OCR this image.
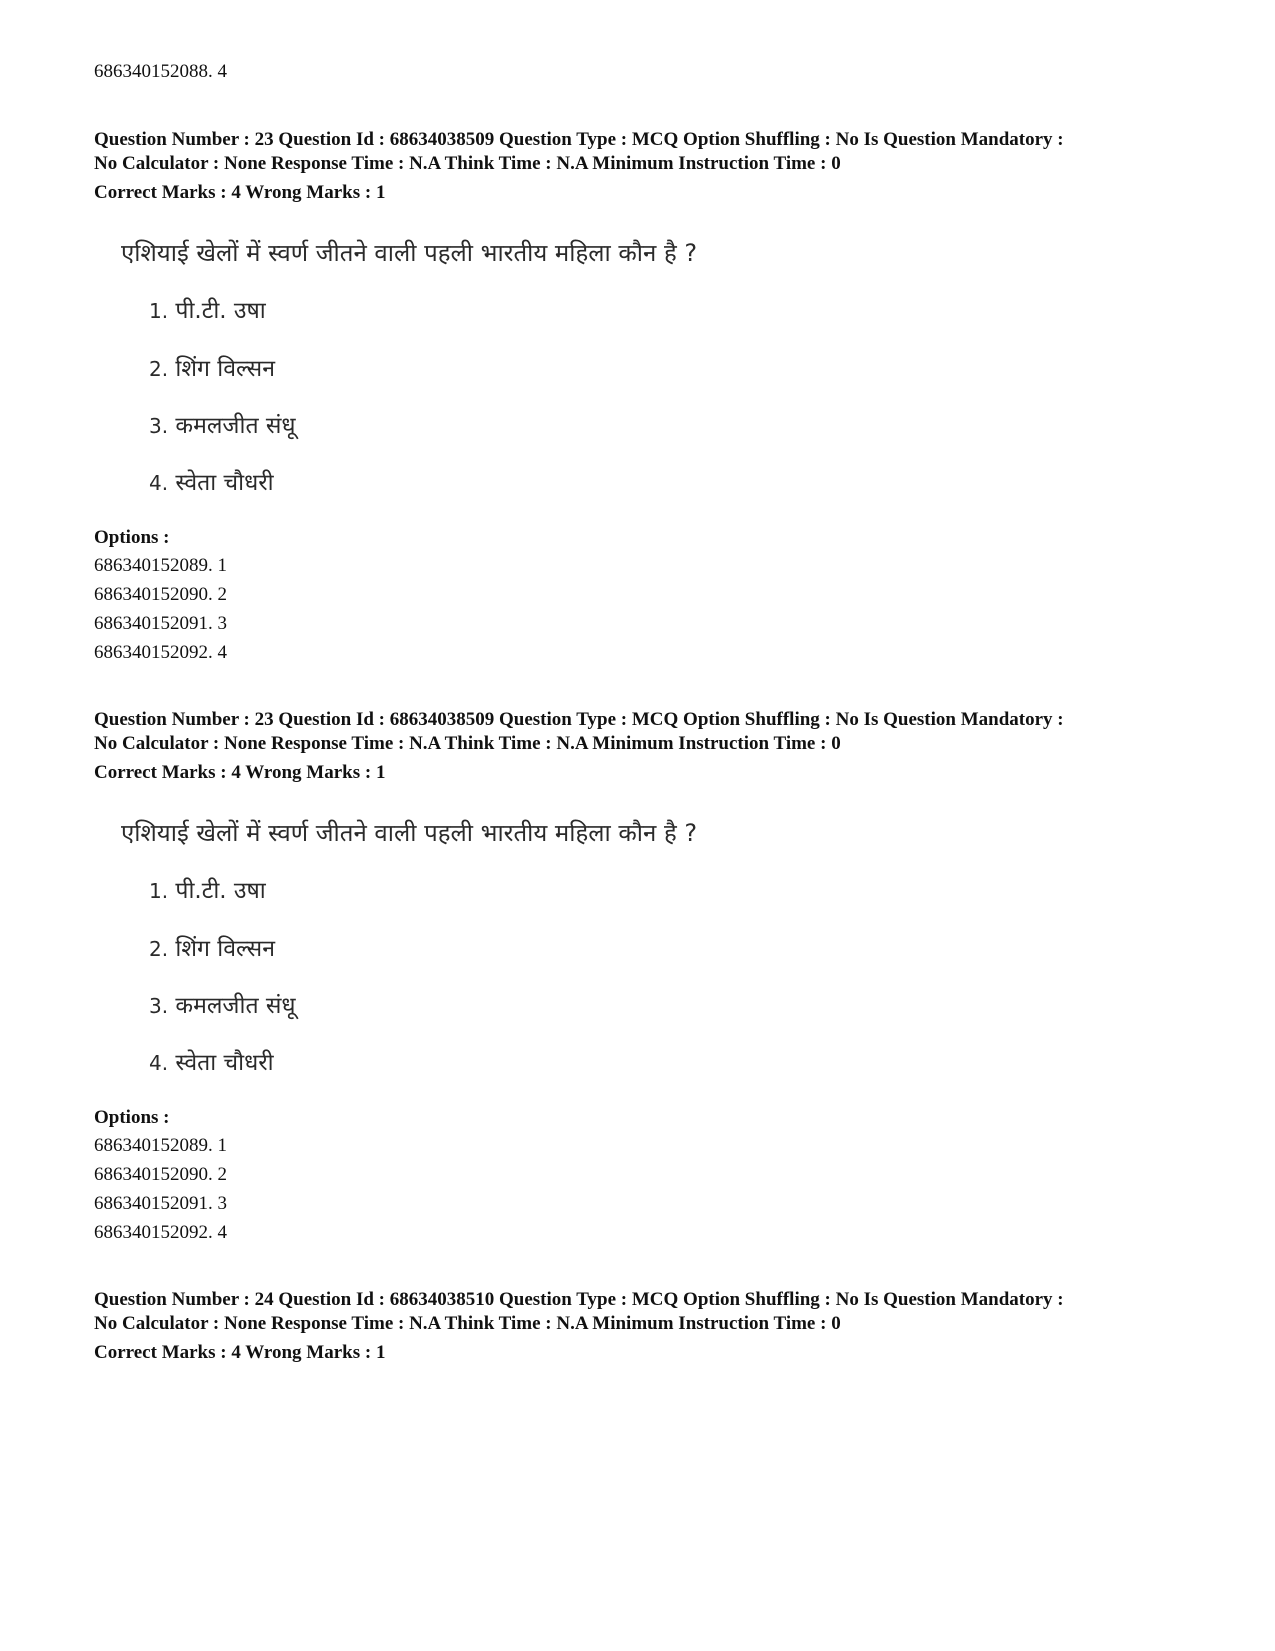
686340152088. 4
Question Number : 23 Question Id : 68634038509 Question Type : MCQ Option Shuffling : No Is Question Mandatory :
No Calculator : None Response Time : N.A Think Time : N.A Minimum Instruction Time : 0
Correct Marks : 4 Wrong Marks : 1
एशियाई खेलों में स्वर्ण जीतने वाली पहली भारतीय महिला कौन है ?
1. पी.टी. उषा
2. शिंग विल्सन
3. कमलजीत संधू
4. स्वेता चौधरी
Options :
686340152089. 1
686340152090. 2
686340152091. 3
686340152092. 4
Question Number : 23 Question Id : 68634038509 Question Type : MCQ Option Shuffling : No Is Question Mandatory :
No Calculator : None Response Time : N.A Think Time : N.A Minimum Instruction Time : 0
Correct Marks : 4 Wrong Marks : 1
एशियाई खेलों में स्वर्ण जीतने वाली पहली भारतीय महिला कौन है ?
1. पी.टी. उषा
2. शिंग विल्सन
3. कमलजीत संधू
4. स्वेता चौधरी
Options :
686340152089. 1
686340152090. 2
686340152091. 3
686340152092. 4
Question Number : 24 Question Id : 68634038510 Question Type : MCQ Option Shuffling : No Is Question Mandatory :
No Calculator : None Response Time : N.A Think Time : N.A Minimum Instruction Time : 0
Correct Marks : 4 Wrong Marks : 1
